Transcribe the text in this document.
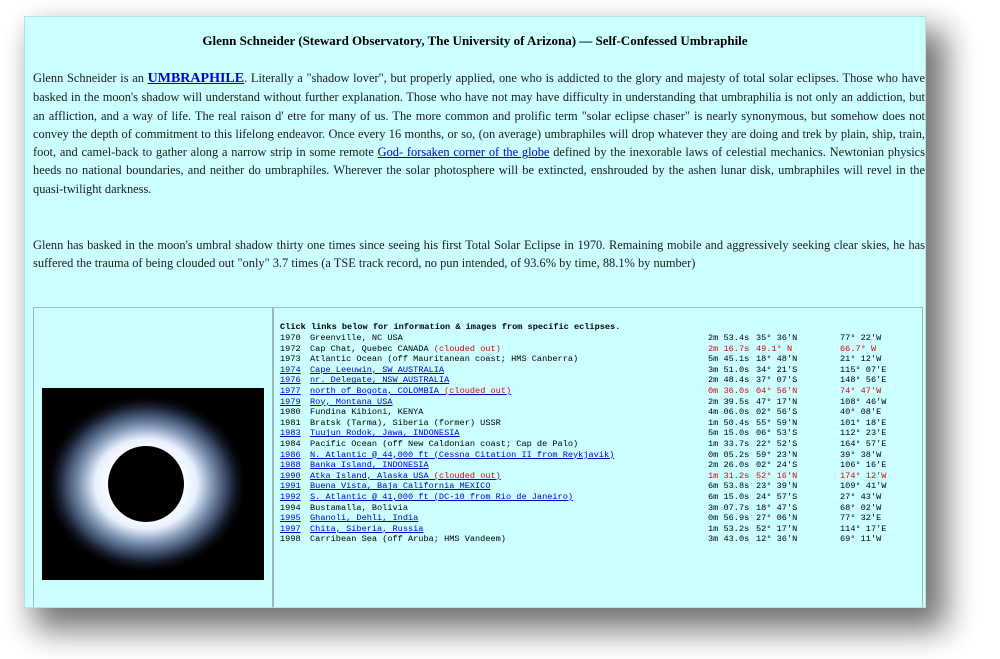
Glenn Schneider (Steward Observatory, The University of Arizona) — Self-Confessed Umbraphile

Glenn Schneider is an UMBRAPHILE. Literally a "shadow lover", but properly applied, one who is addicted to the glory and majesty of total solar eclipses. Those who have basked in the moon's shadow will understand without further explanation. Those who have not may have difficulty in understanding that umbraphilia is not only an addiction, but an affliction, and a way of life. The real raison d' etre for many of us. The more common and prolific term "solar eclipse chaser" is nearly synonymous, but somehow does not convey the depth of commitment to this lifelong endeavor. Once every 16 months, or so, (on average) umbraphiles will drop whatever they are doing and trek by plain, ship, train, foot, and camel-back to gather along a narrow strip in some remote God- forsaken corner of the globe defined by the inexorable laws of celestial mechanics. Newtonian physics heeds no national boundaries, and neither do umbraphiles. Wherever the solar photosphere will be extincted, enshrouded by the ashen lunar disk, umbraphiles will revel in the quasi-twilight darkness.

Glenn has basked in the moon's umbral shadow thirty one times since seeing his first Total Solar Eclipse in 1970. Remaining mobile and aggressively seeking clear skies, he has suffered the trauma of being clouded out "only" 3.7 times (a TSE track record, no pun intended, of 93.6% by time, 88.1% by number)

Click links below for information & images from specific eclipses.
1970	Greenville, NC USA	2m 53.4s 35° 36'N	77° 22'W
1972	Cap Chat, Quebec CANADA (clouded out)	2m 16.7s 49.1° N	66.7° W
1973	Atlantic Ocean (off Mauritanean coast; HMS Canberra)	5m 45.1s 18° 48'N	21° 12'W
1974	Cape Leeuwin, SW AUSTRALIA	3m 51.0s 34° 21'S	115° 07'E
1976	nr. Delegate, NSW AUSTRALIA	2m 48.4s 37° 07'S	148° 56'E
1977	north of Bogota, COLOMBIA (clouded out)	0m 36.0s 04° 56'N	74° 47'W
1979	Roy, Montana USA	2m 39.5s 47° 17'N	108° 46'W
1980	Fundina Kibioni, KENYA	4m 06.0s 02° 56'S	40° 08'E
1981	Bratsk (Tarma), Siberia (former) USSR	1m 50.4s 55° 59'N	101° 18'E
1983	Tuujun Rodok, Jawa, INDONESIA	5m 15.0s 06° 53'S	112° 23'E
1984	Pacific Ocean (off New Caldonian coast; Cap de Palo)	1m 33.7s 22° 52'S	164° 57'E
1986	N. Atlantic @ 44,000 ft (Cessna Citation II from Reykjavik)	0m 05.2s 59° 23'N	39° 38'W
1988	Banka Island, INDONESIA	2m 26.0s 02° 24'S	106° 16'E
1990	Atka Island, Alaska USA (clouded out)	1m 31.2s 52° 16'N	174° 12'W
1991	Buena Vista, Baja California MEXICO	6m 53.8s 23° 39'N	109° 41'W
1992	S. Atlantic @ 41,000 ft (DC-10 from Rio de Janeiro)	6m 15.0s 24° 57'S	27° 43'W
1994	Bustamalla, Bolivia	3m 07.7s 18° 47'S	68° 02'W
1995	Ghanoli, Dehli, India	0m 56.9s 27° 06'N	77° 32'E
1997	Chita, Siberia, Russia	1m 53.2s 52° 17'N	114° 17'E
1998	Carribean Sea (off Aruba; HMS Vandeem)	3m 43.0s 12° 36'N	69° 11'W
